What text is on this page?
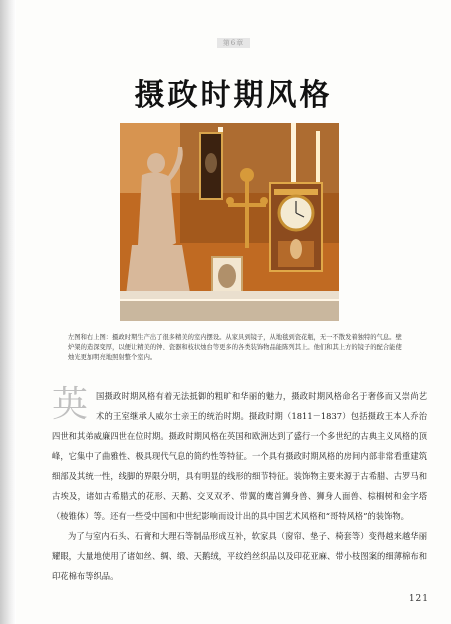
第6章
摄政时期风格
左图和右上图：摄政时期生产出了很多精美的室内摆设。从家具到镜子，从地毯到瓷花瓶，无一不散发着独特的气息。壁炉架的造深变厚，以便让精美的钟、瓷器和枝状烛台等更多的各类装饰物品能陈列其上。他们和其上方的镜子的配合能使烛光更加明亮地照射整个室内。
英 国摄政时期风格有着无法抵御的粗旷和华丽的魅力，摄政时期风格命名于奢侈而又崇尚艺术的王室继承人威尔士亲王的统治时期。摄政时期（1811－1837）包括摄政王本人乔治四世和其弟威廉四世在位时期。摄政时期风格在英国和欧洲达到了盛行一个多世纪的古典主义风格的顶峰，它集中了曲雅性、极具现代气息的简约性等特征。一个具有摄政时期风格的房间内部非常看重建筑细部及其统一性，线脚的界限分明，具有明显的线形的细节特征。装饰物主要来源于古希腊、古罗马和古埃及，诸如古希腊式的花形、天鹅、交叉双矛、带翼的鹰首狮身兽、狮身人面兽、棕榈树和金字塔（棱锥体）等。还有一些受中国和中世纪影响而设计出的具中国艺术风格和“哥特风格”的装饰物。

为了与室内石头、石膏和大理石等制品形成互补，软家具（窗帘、垫子、椅套等）变得越来越华丽耀眼，大量地使用了诸如丝、绸、缎、天鹅绒，平纹绉丝织品以及印花亚麻、带小枝图案的细薄棉布和印花棉布等织品。

121
